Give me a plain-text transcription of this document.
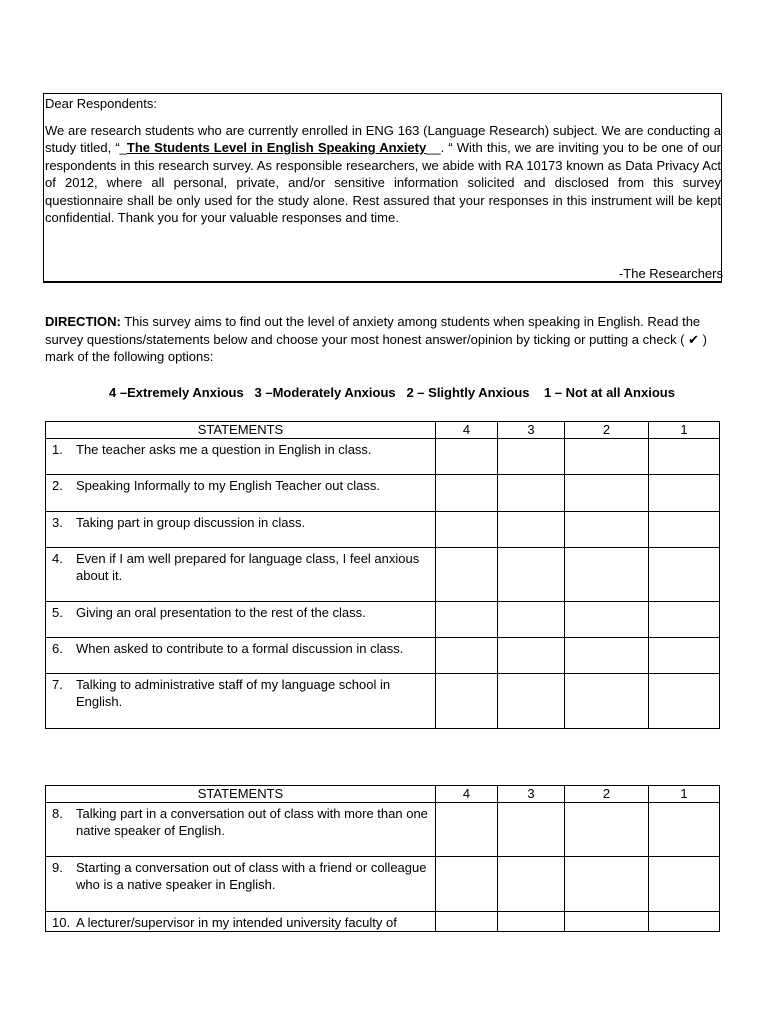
Dear Respondents:

We are research students who are currently enrolled in ENG 163 (Language Research) subject. We are conducting a study titled, “_The Students Level in English Speaking Anxiety__. “ With this, we are inviting you to be one of our respondents in this research survey. As responsible researchers, we abide with RA 10173 known as Data Privacy Act of 2012, where all personal, private, and/or sensitive information solicited and disclosed from this survey questionnaire shall be only used for the study alone. Rest assured that your responses in this instrument will be kept confidential. Thank you for your valuable responses and time.

-The Researchers

DIRECTION: This survey aims to find out the level of anxiety among students when speaking in English. Read the survey questions/statements below and choose your most honest answer/opinion by ticking or putting a check ( ✔ ) mark of the following options:

4 –Extremely Anxious   3 –Moderately Anxious   2 – Slightly Anxious    1 – Not at all Anxious

STATEMENTS	4	3	2	1

1. The teacher asks me a question in English in class.				

2. Speaking Informally to my English Teacher out class.				

3. Taking part in group discussion in class.				

4. Even if I am well prepared for language class, I feel anxious about it.				

5. Giving an oral presentation to the rest of the class.				

6. When asked to contribute to a formal discussion in class.				

7. Talking to administrative staff of my language school in English.				

STATEMENTS	4	3	2	1

8. Talking part in a conversation out of class with more than one native speaker of English.				

9. Starting a conversation out of class with a friend or colleague who is a native speaker in English.				

10. A lecturer/supervisor in my intended university faculty of				
